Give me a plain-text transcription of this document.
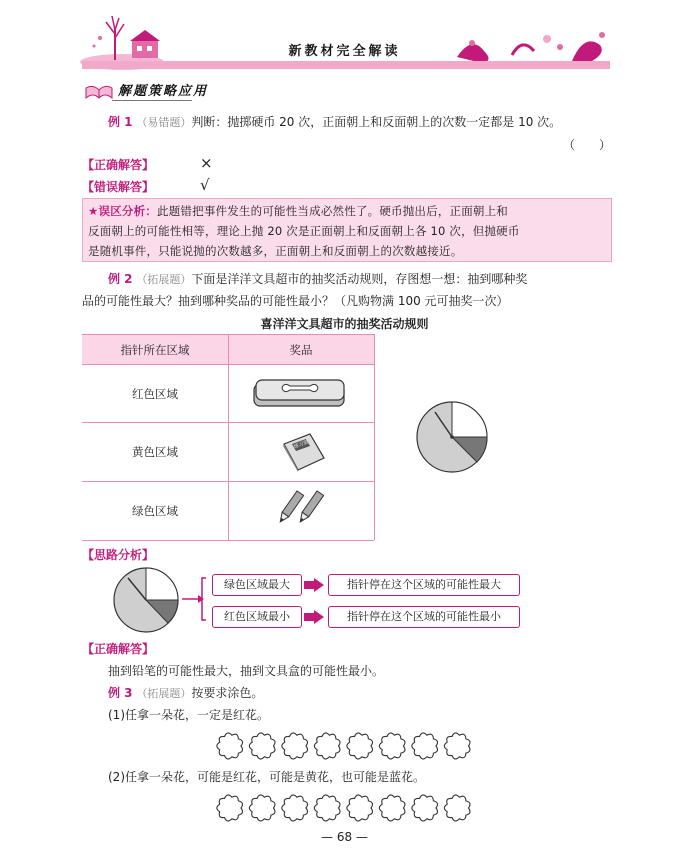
新教材完全解读
解题策略应用
例 1 （易错题）判断：抛掷硬币 20 次，正面朝上和反面朝上的次数一定都是 10 次。
（　　）
【正确解答】	×
【错误解答】	√
★误区分析：此题错把事件发生的可能性当成必然性了。硬币抛出后，正面朝上和
反面朝上的可能性相等，理论上抛 20 次是正面朝上和反面朝上各 10 次，但抛硬币
是随机事件，只能说抛的次数越多，正面朝上和反面朝上的次数越接近。
例 2 （拓展题）下面是洋洋文具超市的抽奖活动规则，存图想一想：抽到哪种奖
品的可能性最大？抽到哪种奖品的可能性最小？（凡购物满 100 元可抽奖一次）
喜洋洋文具超市的抽奖活动规则
指针所在区域	奖品
红色区域
黄色区域
绿色区域
练习册
【思路分析】
绿色区域最大
红色区域最小
指针停在这个区域的可能性最大
指针停在这个区域的可能性最小
【正确解答】
抽到铅笔的可能性最大，抽到文具盒的可能性最小。
例 3 （拓展题）按要求涂色。
(1)任拿一朵花，一定是红花。
(2)任拿一朵花，可能是红花，可能是黄花，也可能是蓝花。
— 68 —
